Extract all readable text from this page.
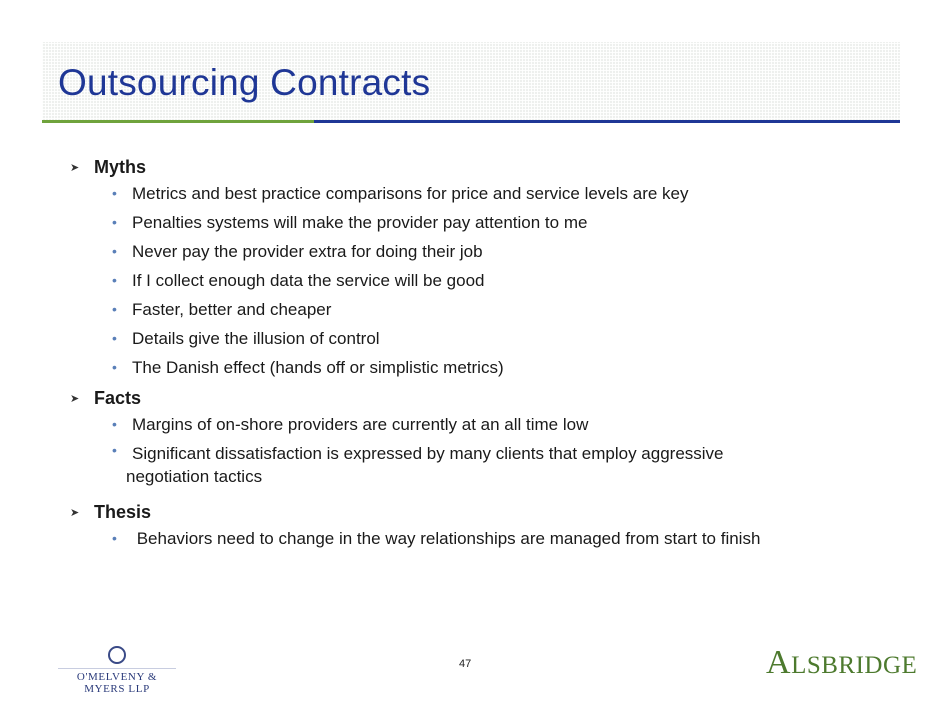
Outsourcing Contracts
➤ Myths
• Metrics and best practice comparisons for price and service levels are key
• Penalties systems will make the provider pay attention to me
• Never pay the provider extra for doing their job
• If I collect enough data the service will be good
• Faster, better and cheaper
• Details give the illusion of control
• The Danish effect (hands off or simplistic metrics)
➤ Facts
• Margins of on-shore providers are currently at an all time low
• Significant dissatisfaction is expressed by many clients that employ aggressive
negotiation tactics
➤ Thesis
• Behaviors need to change in the way relationships are managed from start to finish
O'MELVENY & MYERS LLP
47	ALSBRIDGE
